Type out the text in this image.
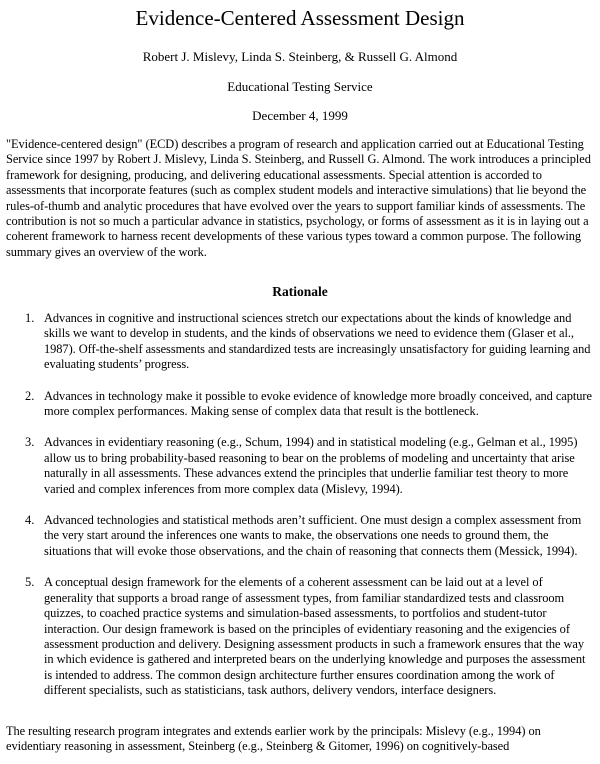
Evidence-Centered Assessment Design

Robert J. Mislevy, Linda S. Steinberg, & Russell G. Almond

Educational Testing Service

December 4, 1999

"Evidence-centered design" (ECD) describes a program of research and application carried out at Educational Testing Service since 1997 by Robert J. Mislevy, Linda S. Steinberg, and Russell G. Almond. The work introduces a principled framework for designing, producing, and delivering educational assessments. Special attention is accorded to assessments that incorporate features (such as complex student models and interactive simulations) that lie beyond the rules-of-thumb and analytic procedures that have evolved over the years to support familiar kinds of assessments. The contribution is not so much a particular advance in statistics, psychology, or forms of assessment as it is in laying out a coherent framework to harness recent developments of these various types toward a common purpose. The following summary gives an overview of the work.

Rationale
1. Advances in cognitive and instructional sciences stretch our expectations about the kinds of knowledge and skills we want to develop in students, and the kinds of observations we need to evidence them (Glaser et al., 1987). Off-the-shelf assessments and standardized tests are increasingly unsatisfactory for guiding learning and evaluating students’ progress.

2. Advances in technology make it possible to evoke evidence of knowledge more broadly conceived, and capture more complex performances. Making sense of complex data that result is the bottleneck.

3. Advances in evidentiary reasoning (e.g., Schum, 1994) and in statistical modeling (e.g., Gelman et al., 1995) allow us to bring probability-based reasoning to bear on the problems of modeling and uncertainty that arise naturally in all assessments. These advances extend the principles that underlie familiar test theory to more varied and complex inferences from more complex data (Mislevy, 1994).

4. Advanced technologies and statistical methods aren’t sufficient. One must design a complex assessment from the very start around the inferences one wants to make, the observations one needs to ground them, the situations that will evoke those observations, and the chain of reasoning that connects them (Messick, 1994).

5. A conceptual design framework for the elements of a coherent assessment can be laid out at a level of generality that supports a broad range of assessment types, from familiar standardized tests and classroom quizzes, to coached practice systems and simulation-based assessments, to portfolios and student-tutor interaction. Our design framework is based on the principles of evidentiary reasoning and the exigencies of assessment production and delivery. Designing assessment products in such a framework ensures that the way in which evidence is gathered and interpreted bears on the underlying knowledge and purposes the assessment is intended to address. The common design architecture further ensures coordination among the work of different specialists, such as statisticians, task authors, delivery vendors, interface designers.

The resulting research program integrates and extends earlier work by the principals: Mislevy (e.g., 1994) on evidentiary reasoning in assessment, Steinberg (e.g., Steinberg & Gitomer, 1996) on cognitively-based
